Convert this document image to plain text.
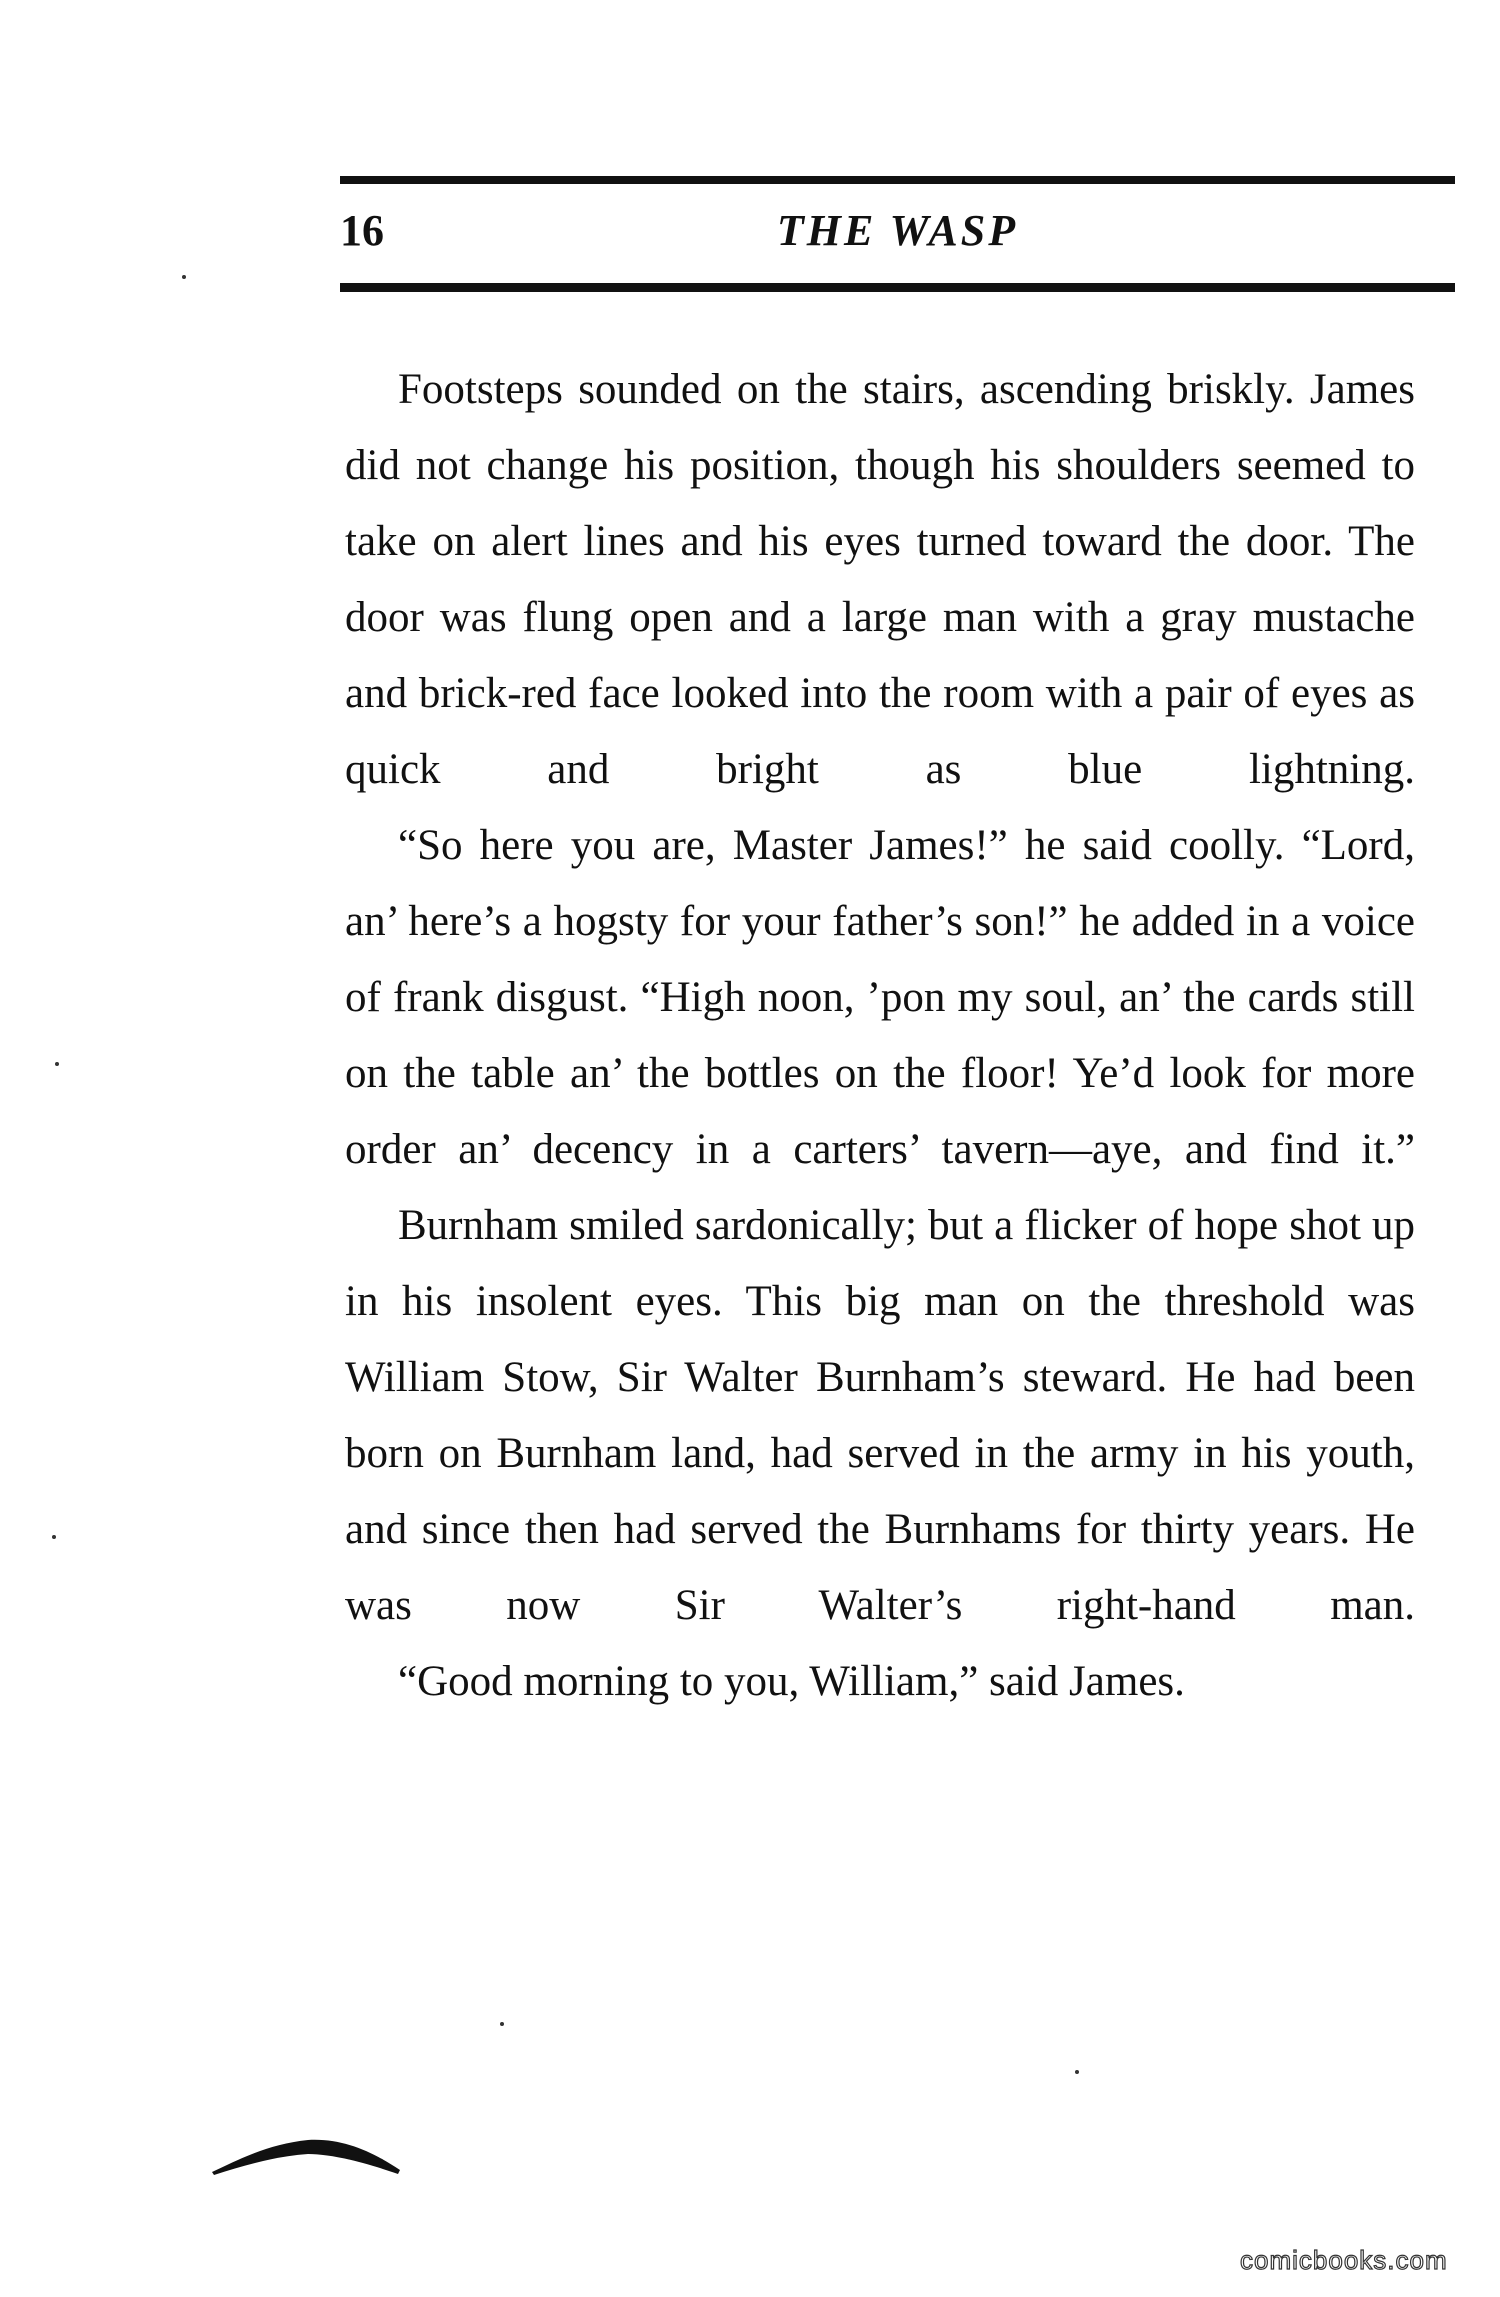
16	THE WASP

Footsteps sounded on the stairs, ascending briskly. James did not change his position, though his shoulders seemed to take on alert lines and his eyes turned toward the door. The door was flung open and a large man with a gray mustache and brick-red face looked into the room with a pair of eyes as quick and bright as blue lightning.

“So here you are, Master James!” he said coolly. “Lord, an’ here’s a hogsty for your father’s son!” he added in a voice of frank disgust. “High noon, ’pon my soul, an’ the cards still on the table an’ the bottles on the floor! Ye’d look for more order an’ decency in a carters’ tavern—aye, and find it.”

Burnham smiled sardonically; but a flicker of hope shot up in his insolent eyes. This big man on the threshold was William Stow, Sir Walter Burnham’s steward. He had been born on Burnham land, had served in the army in his youth, and since then had served the Burnhams for thirty years. He was now Sir Walter’s right-hand man.

“Good morning to you, William,” said James.

comicbooks.com
